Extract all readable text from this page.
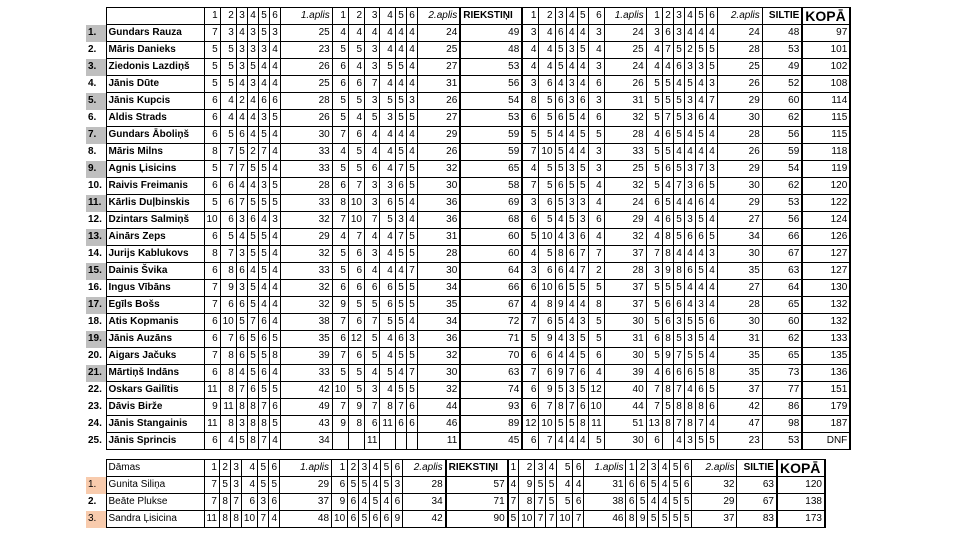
		1	2	3	4	5	6	1.aplis	1	2	3	4	5	6	2.aplis	RIEKSTIŅI	1	2	3	4	5	6	1.aplis	1	2	3	4	5	6	2.aplis	SILTIE	KOPĀ
1.	Gundars Rauza	7	3	4	3	5	3	25	4	4	4	4	4	4	24	49	3	4	6	4	4	3	24	3	6	3	4	4	4	24	48	97
2.	Māris Danieks	5	5	3	3	3	4	23	5	5	3	4	4	4	25	48	4	4	5	3	5	4	25	4	7	5	2	5	5	28	53	101
3.	Ziedonis Lazdiņš	5	5	3	5	4	4	26	6	4	3	5	5	4	27	53	4	4	5	4	4	3	24	4	4	6	3	3	5	25	49	102
4.	Jānis Dūte	5	5	4	3	4	4	25	6	6	7	4	4	4	31	56	3	6	4	3	4	6	26	5	5	4	5	4	3	26	52	108
5.	Jānis Kupcis	6	4	2	4	6	6	28	5	5	3	5	5	3	26	54	8	5	6	3	6	3	31	5	5	5	3	4	7	29	60	114
6.	Aldis Strads	6	4	4	4	3	5	26	5	4	5	3	5	5	27	53	6	5	6	5	4	6	32	5	7	5	3	6	4	30	62	115
7.	Gundars Āboliņš	6	5	6	4	5	4	30	7	6	4	4	4	4	29	59	5	5	4	4	5	5	28	4	6	5	4	5	4	28	56	115
8.	Māris Milns	8	7	5	2	7	4	33	4	5	4	4	5	4	26	59	7	10	5	4	4	3	33	5	5	4	4	4	4	26	59	118
9.	Agnis Ļisicins	5	7	7	5	5	4	33	5	5	6	4	7	5	32	65	4	5	5	3	5	3	25	5	6	5	3	7	3	29	54	119
10.	Raivis Freimanis	6	6	4	4	3	5	28	6	7	3	3	6	5	30	58	7	5	6	5	5	4	32	5	4	7	3	6	5	30	62	120
11.	Kārlis Duļbinskis	5	6	7	5	5	5	33	8	10	3	6	5	4	36	69	3	6	5	3	3	4	24	6	5	4	4	6	4	29	53	122
12.	Dzintars Salmiņš	10	6	3	6	4	3	32	7	10	7	5	3	4	36	68	6	5	4	5	3	6	29	4	6	5	3	5	4	27	56	124
13.	Ainārs Zeps	6	5	4	5	5	4	29	4	7	4	4	7	5	31	60	5	10	4	3	6	4	32	4	8	5	6	6	5	34	66	126
14.	Jurijs Kablukovs	8	7	3	5	5	4	32	5	6	3	4	5	5	28	60	4	5	8	6	7	7	37	7	8	4	4	4	3	30	67	127
15.	Dainis Švika	6	8	6	4	5	4	33	5	6	4	4	4	7	30	64	3	6	6	4	7	2	28	3	9	8	6	5	4	35	63	127
16.	Ingus Vībāns	7	9	3	5	4	4	32	6	6	6	6	5	5	34	66	6	10	6	5	5	5	37	5	5	5	4	4	4	27	64	130
17.	Egīls Bošs	7	6	6	5	4	4	32	9	5	5	6	5	5	35	67	4	8	9	4	4	8	37	5	6	6	4	3	4	28	65	132
18.	Atis Kopmanis	6	10	5	7	6	4	38	7	6	7	5	5	4	34	72	7	6	5	4	3	5	30	5	6	3	5	5	6	30	60	132
19.	Jānis Auzāns	6	7	6	5	6	5	35	6	12	5	4	6	3	36	71	5	9	4	3	5	5	31	6	8	5	3	5	4	31	62	133
20.	Aigars Jačuks	7	8	6	5	5	8	39	7	6	5	4	5	5	32	70	6	6	4	4	5	6	30	5	9	7	5	5	4	35	65	135
21.	Mārtiņš Indāns	6	8	4	5	6	4	33	5	5	4	5	4	7	30	63	7	6	9	7	6	4	39	4	6	6	6	5	8	35	73	136
22.	Oskars Gailītis	11	8	7	6	5	5	42	10	5	3	4	5	5	32	74	6	9	5	3	5	12	40	7	8	7	4	6	5	37	77	151
23.	Dāvis Birže	9	11	8	8	7	6	49	7	9	7	8	7	6	44	93	6	7	8	7	6	10	44	7	5	8	8	8	6	42	86	179
24.	Jānis Stangainis	11	8	3	8	8	5	43	9	8	6	11	6	6	46	89	12	10	5	5	8	11	51	13	8	7	8	7	4	47	98	187
25.	Jānis Sprincis	6	4	5	8	7	4	34			11				11	45	6	7	4	4	4	5	30	6		4	3	5	5	23	53	DNF
	Dāmas	1	2	3	4	5	6	1.aplis	1	2	3	4	5	6	2.aplis	RIEKSTIŅI	1	2	3	4	5	6	1.aplis	1	2	3	4	5	6	2.aplis	SILTIE	KOPĀ
1.	Gunita Siliņa	7	5	3	4	5	5	29	6	5	5	4	5	3	28	57	4	9	5	5	4	4	31	6	6	5	4	5	6	32	63	120
2.	Beāte Plukse	7	8	7	6	3	6	37	9	6	4	5	4	6	34	71	7	8	7	5	5	6	38	6	5	4	4	5	5	29	67	138
3.	Sandra Ļisicina	11	8	8	10	7	4	48	10	6	5	6	6	9	42	90	5	10	7	7	10	7	46	8	9	5	5	5	5	37	83	173
